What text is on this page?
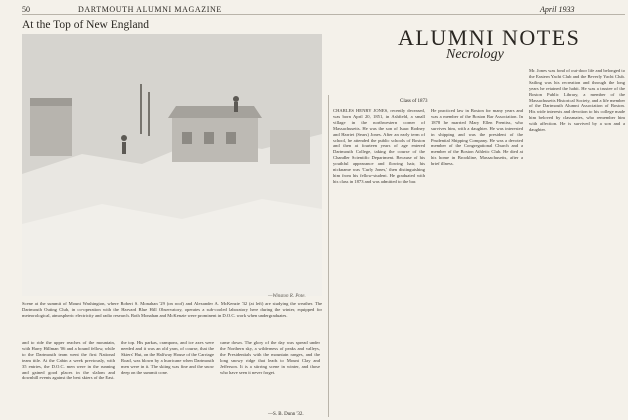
50	DARTMOUTH ALUMNI MAGAZINE	April 1933
At the Top of New England
—Winston R. Pote.
Scene at the summit of Mount Washington, where Robert S. Monahan '29 (on roof) and Alexander A. McKenzie '32 (at left) are studying the weather. The Dartmouth Outing Club, in co-operation with the Harvard Blue Hill Observatory, operates a sub-cooled laboratory here during the winter, equipped for meteorological, atmospheric electricity and radio research. Both Monahan and McKenzie were prominent in D.O.C. work when undergraduates.
and to ride the upper reaches of the mountain, with Harry Hillman '06 and a bound fellow, while to the Dartmouth team went the first National team title. At the Cabin a week previously, with 35 entries, the D.O.C. men were in the running and gained good places in the slalom and downhill events against the best skiers of the East.
the top. His parkas, crampons, and ice axes were needed and it was an old yarn, of course, that the Skiers' Hut, on the Halfway House of the Carriage Road, was blown by a hurricane when Dartmouth men were in it. The skiing was fine and the snow deep on the summit cone.
came down. The glory of the day was spread under the Northern sky, a wilderness of peaks and valleys, the Presidentials with the mountain ranges, and the long snowy ridge that leads to Mount Clay and Jefferson. It is a stirring scene in winter, and those who have seen it never forget.
—S. B. Dunn '32.
ALUMNI NOTES
Necrology
Class of 1873
CHARLES HENRY JONES, recently deceased, was born April 20, 1851, in Ashfield, a small village in the northwestern corner of Massachusetts. He was the son of Isaac Rodney and Harriet (Sears) Jones. After an early term of school, he attended the public schools of Boston and then at fourteen years of age entered Dartmouth College, taking the course of the Chandler Scientific Department. Because of his youthful appearance and flowing hair, his nickname was 'Curly Jones,' then distinguishing him from his fellow-student. He graduated with his class in 1873 and was admitted to the bar.
He practiced law in Boston for many years and was a member of the Boston Bar Association. In 1878 he married Mary Ellen Prentiss, who survives him, with a daughter. He was interested in shipping and was the president of the Prudential Shipping Company. He was a devoted member of the Congregational Church and a member of the Boston Athletic Club. He died at his home in Brookline, Massachusetts, after a brief illness.
Mr. Jones was fond of out-door life and belonged to the Eastern Yacht Club and the Beverly Yacht Club. Sailing was his recreation and through the long years he retained the habit. He was a trustee of the Boston Public Library, a member of the Massachusetts Historical Society, and a life member of the Dartmouth Alumni Association of Boston. His wide interests and devotion to his college made him beloved by classmates, who remember him with affection. He is survived by a son and a daughter.
